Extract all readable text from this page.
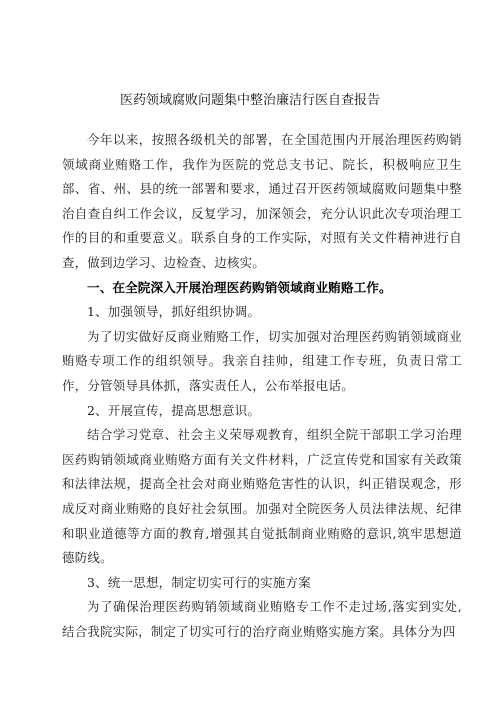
医药领域腐败问题集中整治廉洁行医自查报告

今年以来，按照各级机关的部署，在全国范围内开展治理医药购销领域商业贿赂工作，我作为医院的党总支书记、院长，积极响应卫生部、省、州、县的统一部署和要求，通过召开医药领域腐败问题集中整治自查自纠工作会议，反复学习，加深领会，充分认识此次专项治理工作的目的和重要意义。联系自身的工作实际，对照有关文件精神进行自查，做到边学习、边检查、边核实。

一、在全院深入开展治理医药购销领域商业贿赂工作。

1、加强领导，抓好组织协调。

为了切实做好反商业贿赂工作，切实加强对治理医药购销领域商业贿赂专项工作的组织领导。我亲自挂帅，组建工作专班，负责日常工作，分管领导具体抓，落实责任人，公布举报电话。

2、开展宣传，提高思想意识。

结合学习党章、社会主义荣辱观教育，组织全院干部职工学习治理医药购销领域商业贿赂方面有关文件材料，广泛宣传党和国家有关政策和法律法规，提高全社会对商业贿赂危害性的认识，纠正错误观念，形成反对商业贿赂的良好社会氛围。加强对全院医务人员法律法规、纪律和职业道德等方面的教育,增强其自觉抵制商业贿赂的意识,筑牢思想道德防线。

3、统一思想，制定切实可行的实施方案

为了确保治理医药购销领域商业贿赂专工作不走过场,落实到实处,结合我院实际，制定了切实可行的治疗商业贿赂实施方案。具体分为四
